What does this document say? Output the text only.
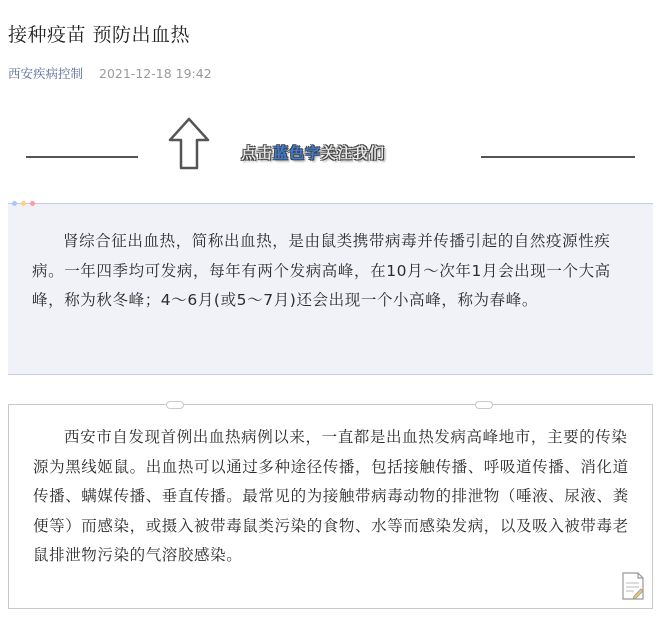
接种疫苗 预防出血热
西安疾病控制 2021-12-18 19:42
点击蓝色字关注我们

肾综合征出血热，简称出血热，是由鼠类携带病毒并传播引起的自然疫源性疾病。一年四季均可发病，每年有两个发病高峰，在10月～次年1月会出现一个大高峰，称为秋冬峰；4～6月(或5～7月)还会出现一个小高峰，称为春峰。

西安市自发现首例出血热病例以来，一直都是出血热发病高峰地市，主要的传染源为黑线姬鼠。出血热可以通过多种途径传播，包括接触传播、呼吸道传播、消化道传播、螨媒传播、垂直传播。最常见的为接触带病毒动物的排泄物（唾液、尿液、粪便等）而感染，或摄入被带毒鼠类污染的食物、水等而感染发病，以及吸入被带毒老鼠排泄物污染的气溶胶感染。
